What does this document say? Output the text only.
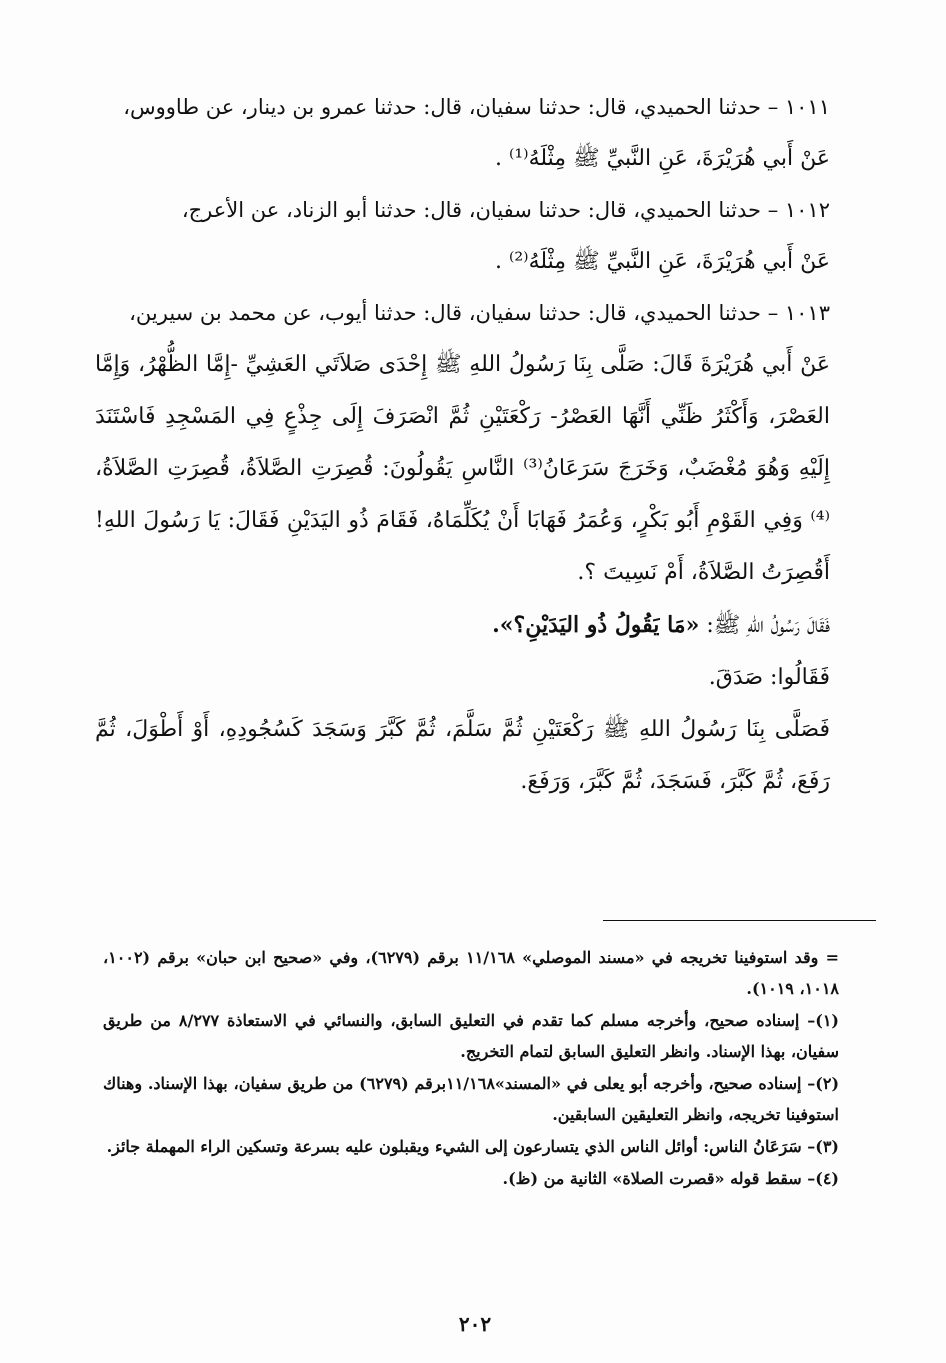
١٠١١ – حدثنا الحميدي، قال: حدثنا سفيان، قال: حدثنا عمرو بن دينار، عن طاووس،

عَنْ أَبي هُرَيْرَةَ، عَنِ النَّبيِّ ﷺ مِثْلَهُ⁽¹⁾ .

١٠١٢ – حدثنا الحميدي، قال: حدثنا سفيان، قال: حدثنا أبو الزناد، عن الأعرج،

عَنْ أَبي هُرَيْرَةَ، عَنِ النَّبيِّ ﷺ مِثْلَهُ⁽²⁾ .

١٠١٣ – حدثنا الحميدي، قال: حدثنا سفيان، قال: حدثنا أيوب، عن محمد بن سيرين،

عَنْ أَبي هُرَيْرَةَ قَالَ: صَلَّى بِنَا رَسُولُ اللهِ ﷺ إِحْدَى صَلاَتَي العَشِيِّ -إِمَّا الظُّهْرُ، وَإِمَّا العَصْرَ، وَأَكْثَرُ ظَنِّي أَنَّهَا العَصْرُ- رَكْعَتَيْنِ ثُمَّ انْصَرَفَ إِلَى جِذْعٍ فِي المَسْجِدِ فَاسْتَنَدَ إِلَيْهِ وَهُوَ مُغْضَبٌ، وَخَرَجَ سَرَعَانُ⁽³⁾ النَّاسِ يَقُولُونَ: قُصِرَتِ الصَّلاَةُ، قُصِرَتِ الصَّلاَةُ،⁽⁴⁾ وَفِي القَوْمِ أَبُو بَكْرٍ، وَعُمَرُ فَهَابَا أَنْ يُكَلِّمَاهُ، فَقَامَ ذُو اليَدَيْنِ فَقَالَ: يَا رَسُولَ اللهِ! أَقُصِرَتُ الصَّلاَةُ، أَمْ نَسِيتَ ؟.

فَقَالَ رَسُولُ اللهِ ﷺ: «مَا يَقُولُ ذُو اليَدَيْنِ؟».

فَقَالُوا: صَدَقَ.

فَصَلَّى بِنَا رَسُولُ اللهِ ﷺ رَكْعَتَيْنِ ثُمَّ سَلَّمَ، ثُمَّ كَبَّرَ وَسَجَدَ كَسُجُودِهِ، أَوْ أَطْوَلَ، ثُمَّ رَفَعَ، ثُمَّ كَبَّرَ، فَسَجَدَ، ثُمَّ كَبَّرَ، وَرَفَعَ.

= وقد استوفينا تخريجه في «مسند الموصلي» ١١/١٦٨ برقم (٦٢٧٩)، وفي «صحيح ابن حبان» برقم (١٠٠٢، ١٠١٨، ١٠١٩).

(١)– إسناده صحيح، وأخرجه مسلم كما تقدم في التعليق السابق، والنسائي في الاستعاذة ٨/٢٧٧ من طريق سفيان، بهذا الإسناد. وانظر التعليق السابق لتمام التخريج.

(٢)– إسناده صحيح، وأخرجه أبو يعلى في «المسند»١١/١٦٨برقم (٦٢٧٩) من طريق سفيان، بهذا الإسناد. وهناك استوفينا تخريجه، وانظر التعليقين السابقين.

(٣)– سَرَعَانُ الناس: أوائل الناس الذي يتسارعون إلى الشيء ويقبلون عليه بسرعة وتسكين الراء المهملة جائز.

(٤)– سقط قوله «قصرت الصلاة» الثانية من (ظ).

٢٠٢
